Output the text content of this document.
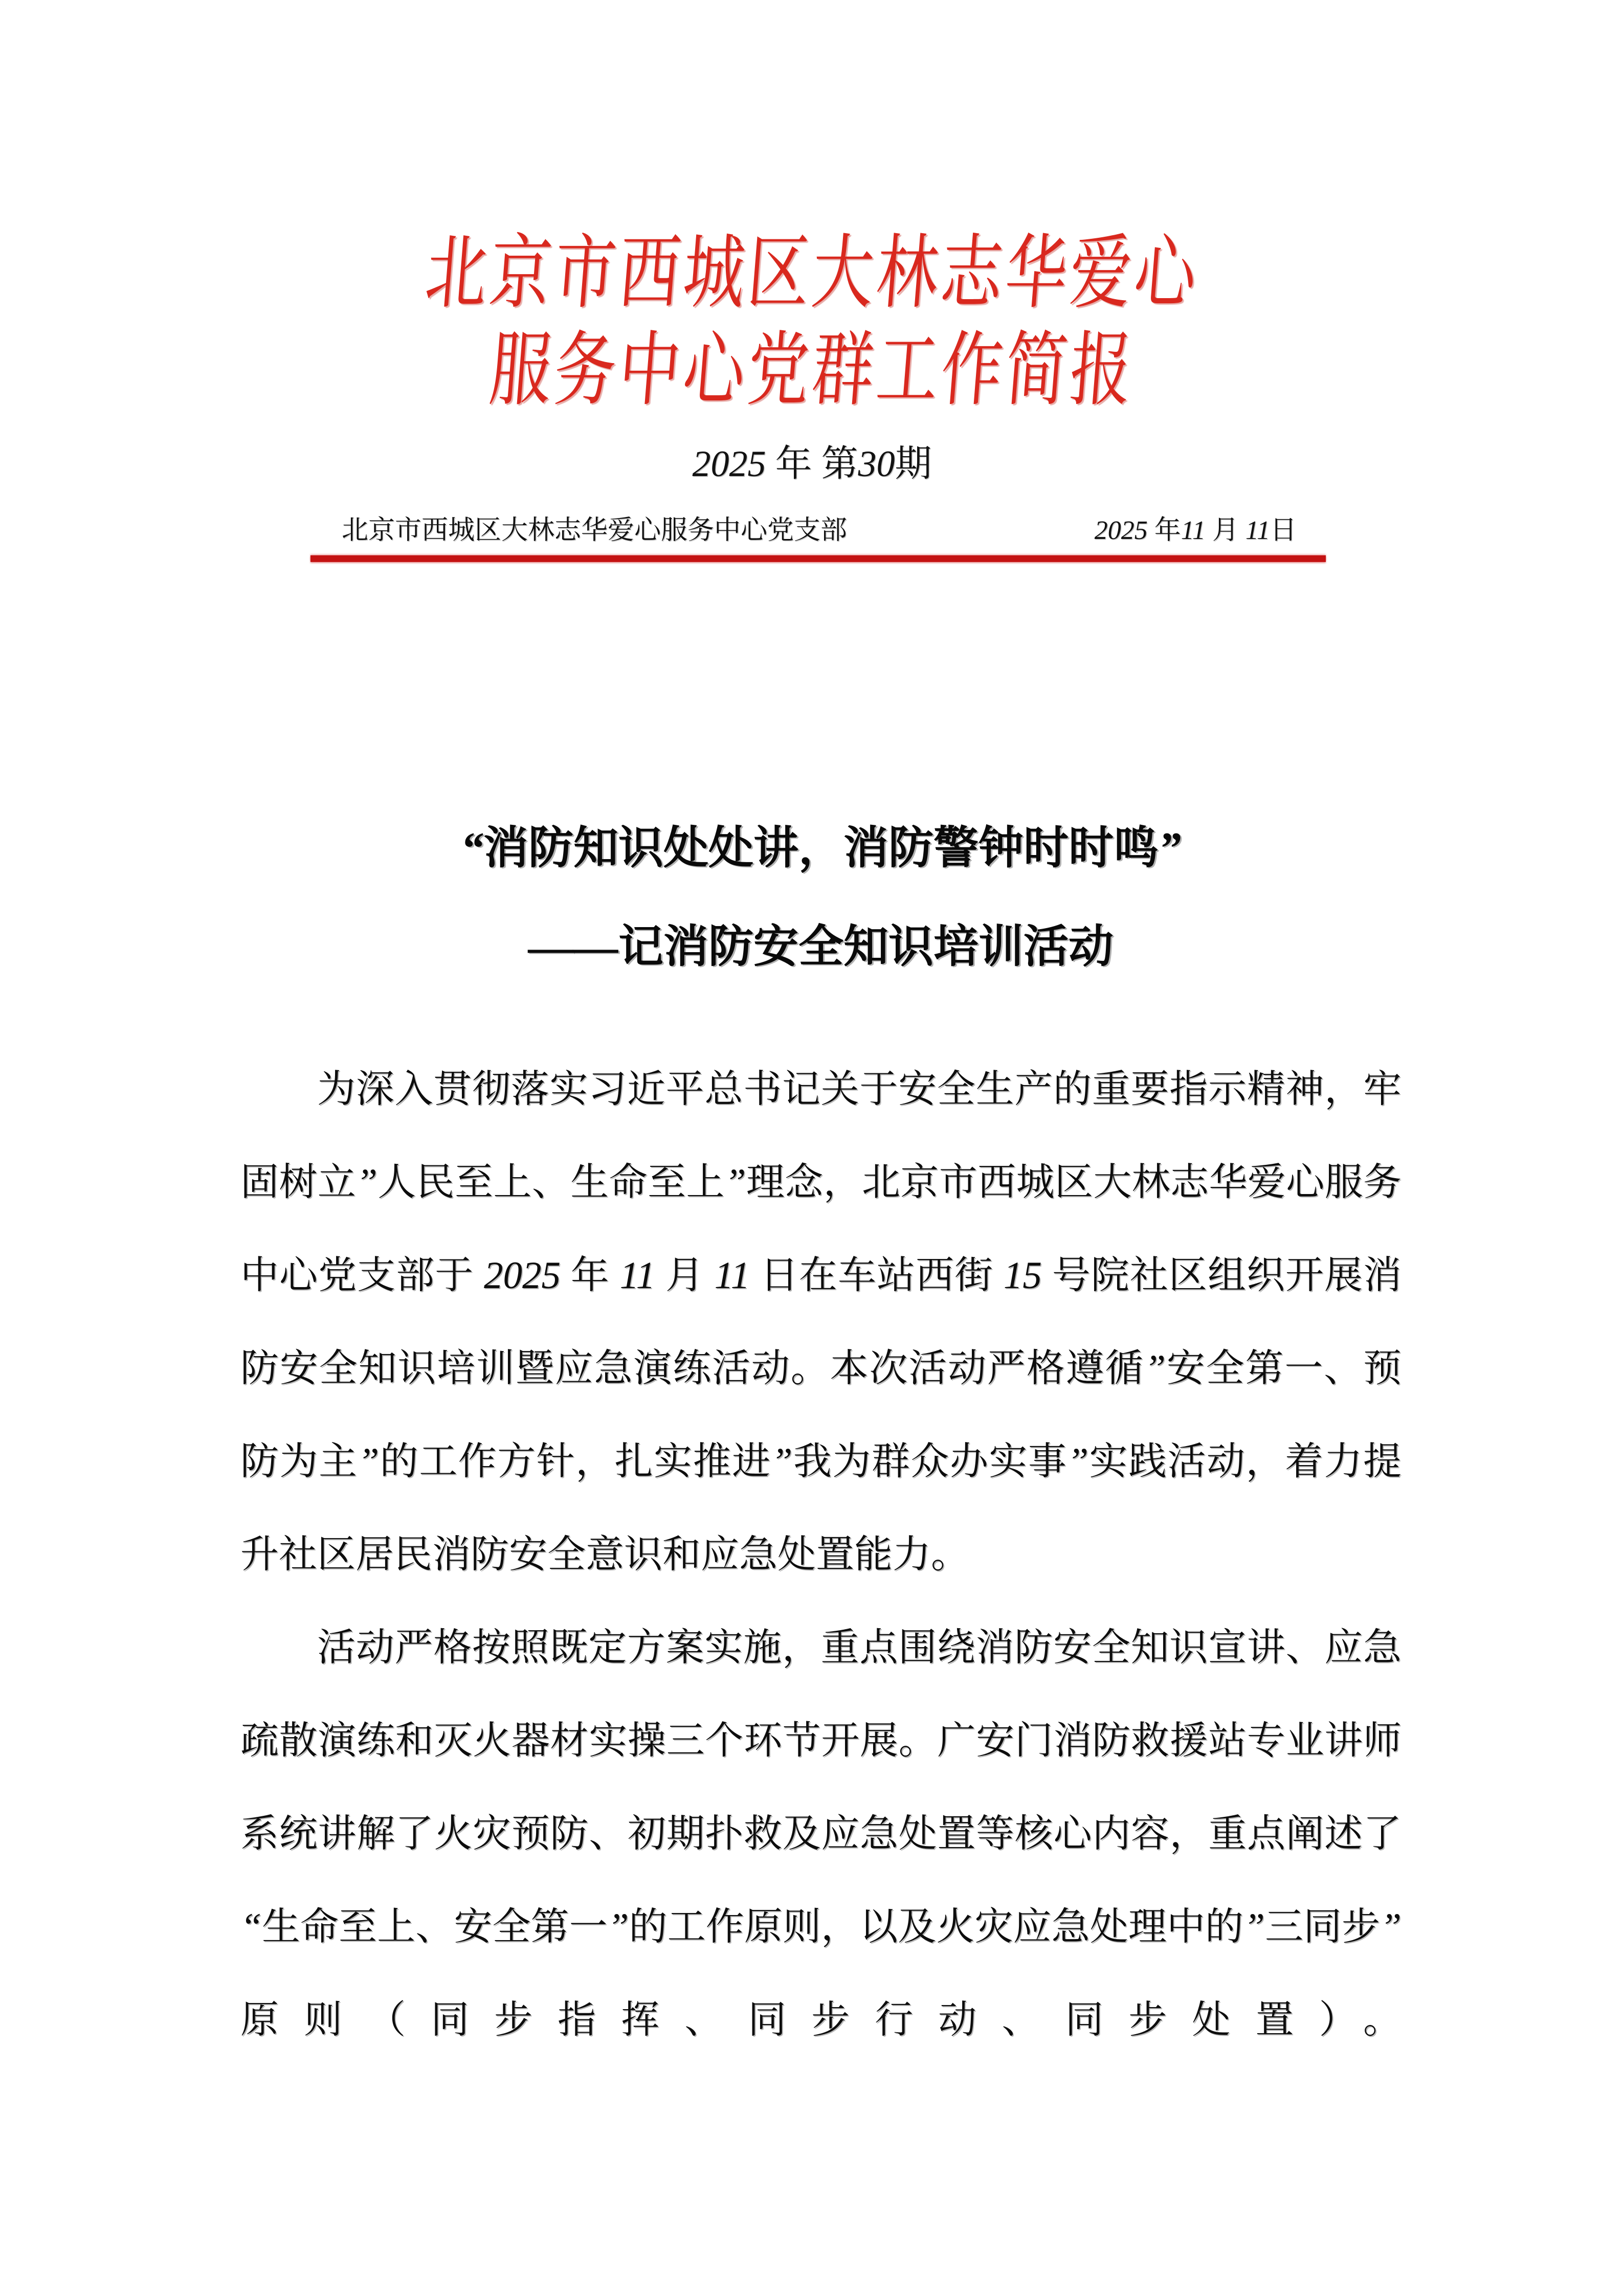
北京市西城区大林志华爱心
服务中心党群工作简报
2025 年 第30期
北京市西城区大林志华爱心服务中心党支部	2025 年11 月 11日
“消防知识处处讲，消防警钟时时鸣”
——记消防安全知识培训活动

为深入贯彻落实习近平总书记关于安全生产的重要指示精神，牢固树立”人民至上、生命至上”理念，北京市西城区大林志华爱心服务中心党支部于 2025 年 11 月 11 日在车站西街 15 号院社区组织开展消防安全知识培训暨应急演练活动。本次活动严格遵循”安全第一、预防为主”的工作方针，扎实推进”我为群众办实事”实践活动，着力提升社区居民消防安全意识和应急处置能力。

活动严格按照既定方案实施，重点围绕消防安全知识宣讲、应急疏散演练和灭火器材实操三个环节开展。广安门消防救援站专业讲师系统讲解了火灾预防、初期扑救及应急处置等核心内容，重点阐述了“生命至上、安全第一”的工作原则，以及火灾应急处理中的”三同步”原则（同步指挥、同步行动、同步处置）。
